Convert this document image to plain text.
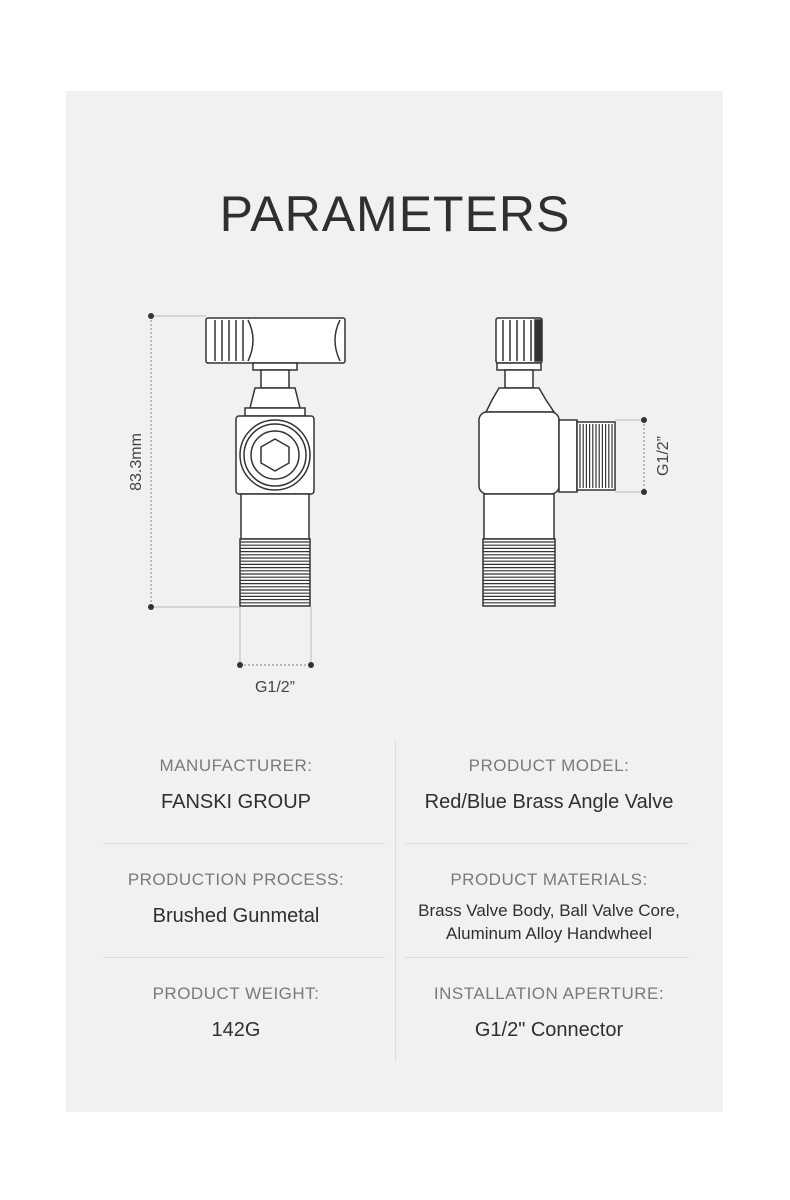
PARAMETERS
83.3mm
G1/2”
G1/2”
MANUFACTURER:
FANSKI GROUP
PRODUCT MODEL:
Red/Blue Brass Angle Valve
PRODUCTION PROCESS:
Brushed Gunmetal
PRODUCT MATERIALS:
Brass Valve Body, Ball Valve Core,
Aluminum Alloy Handwheel
PRODUCT WEIGHT:
142G
INSTALLATION APERTURE:
G1/2" Connector
